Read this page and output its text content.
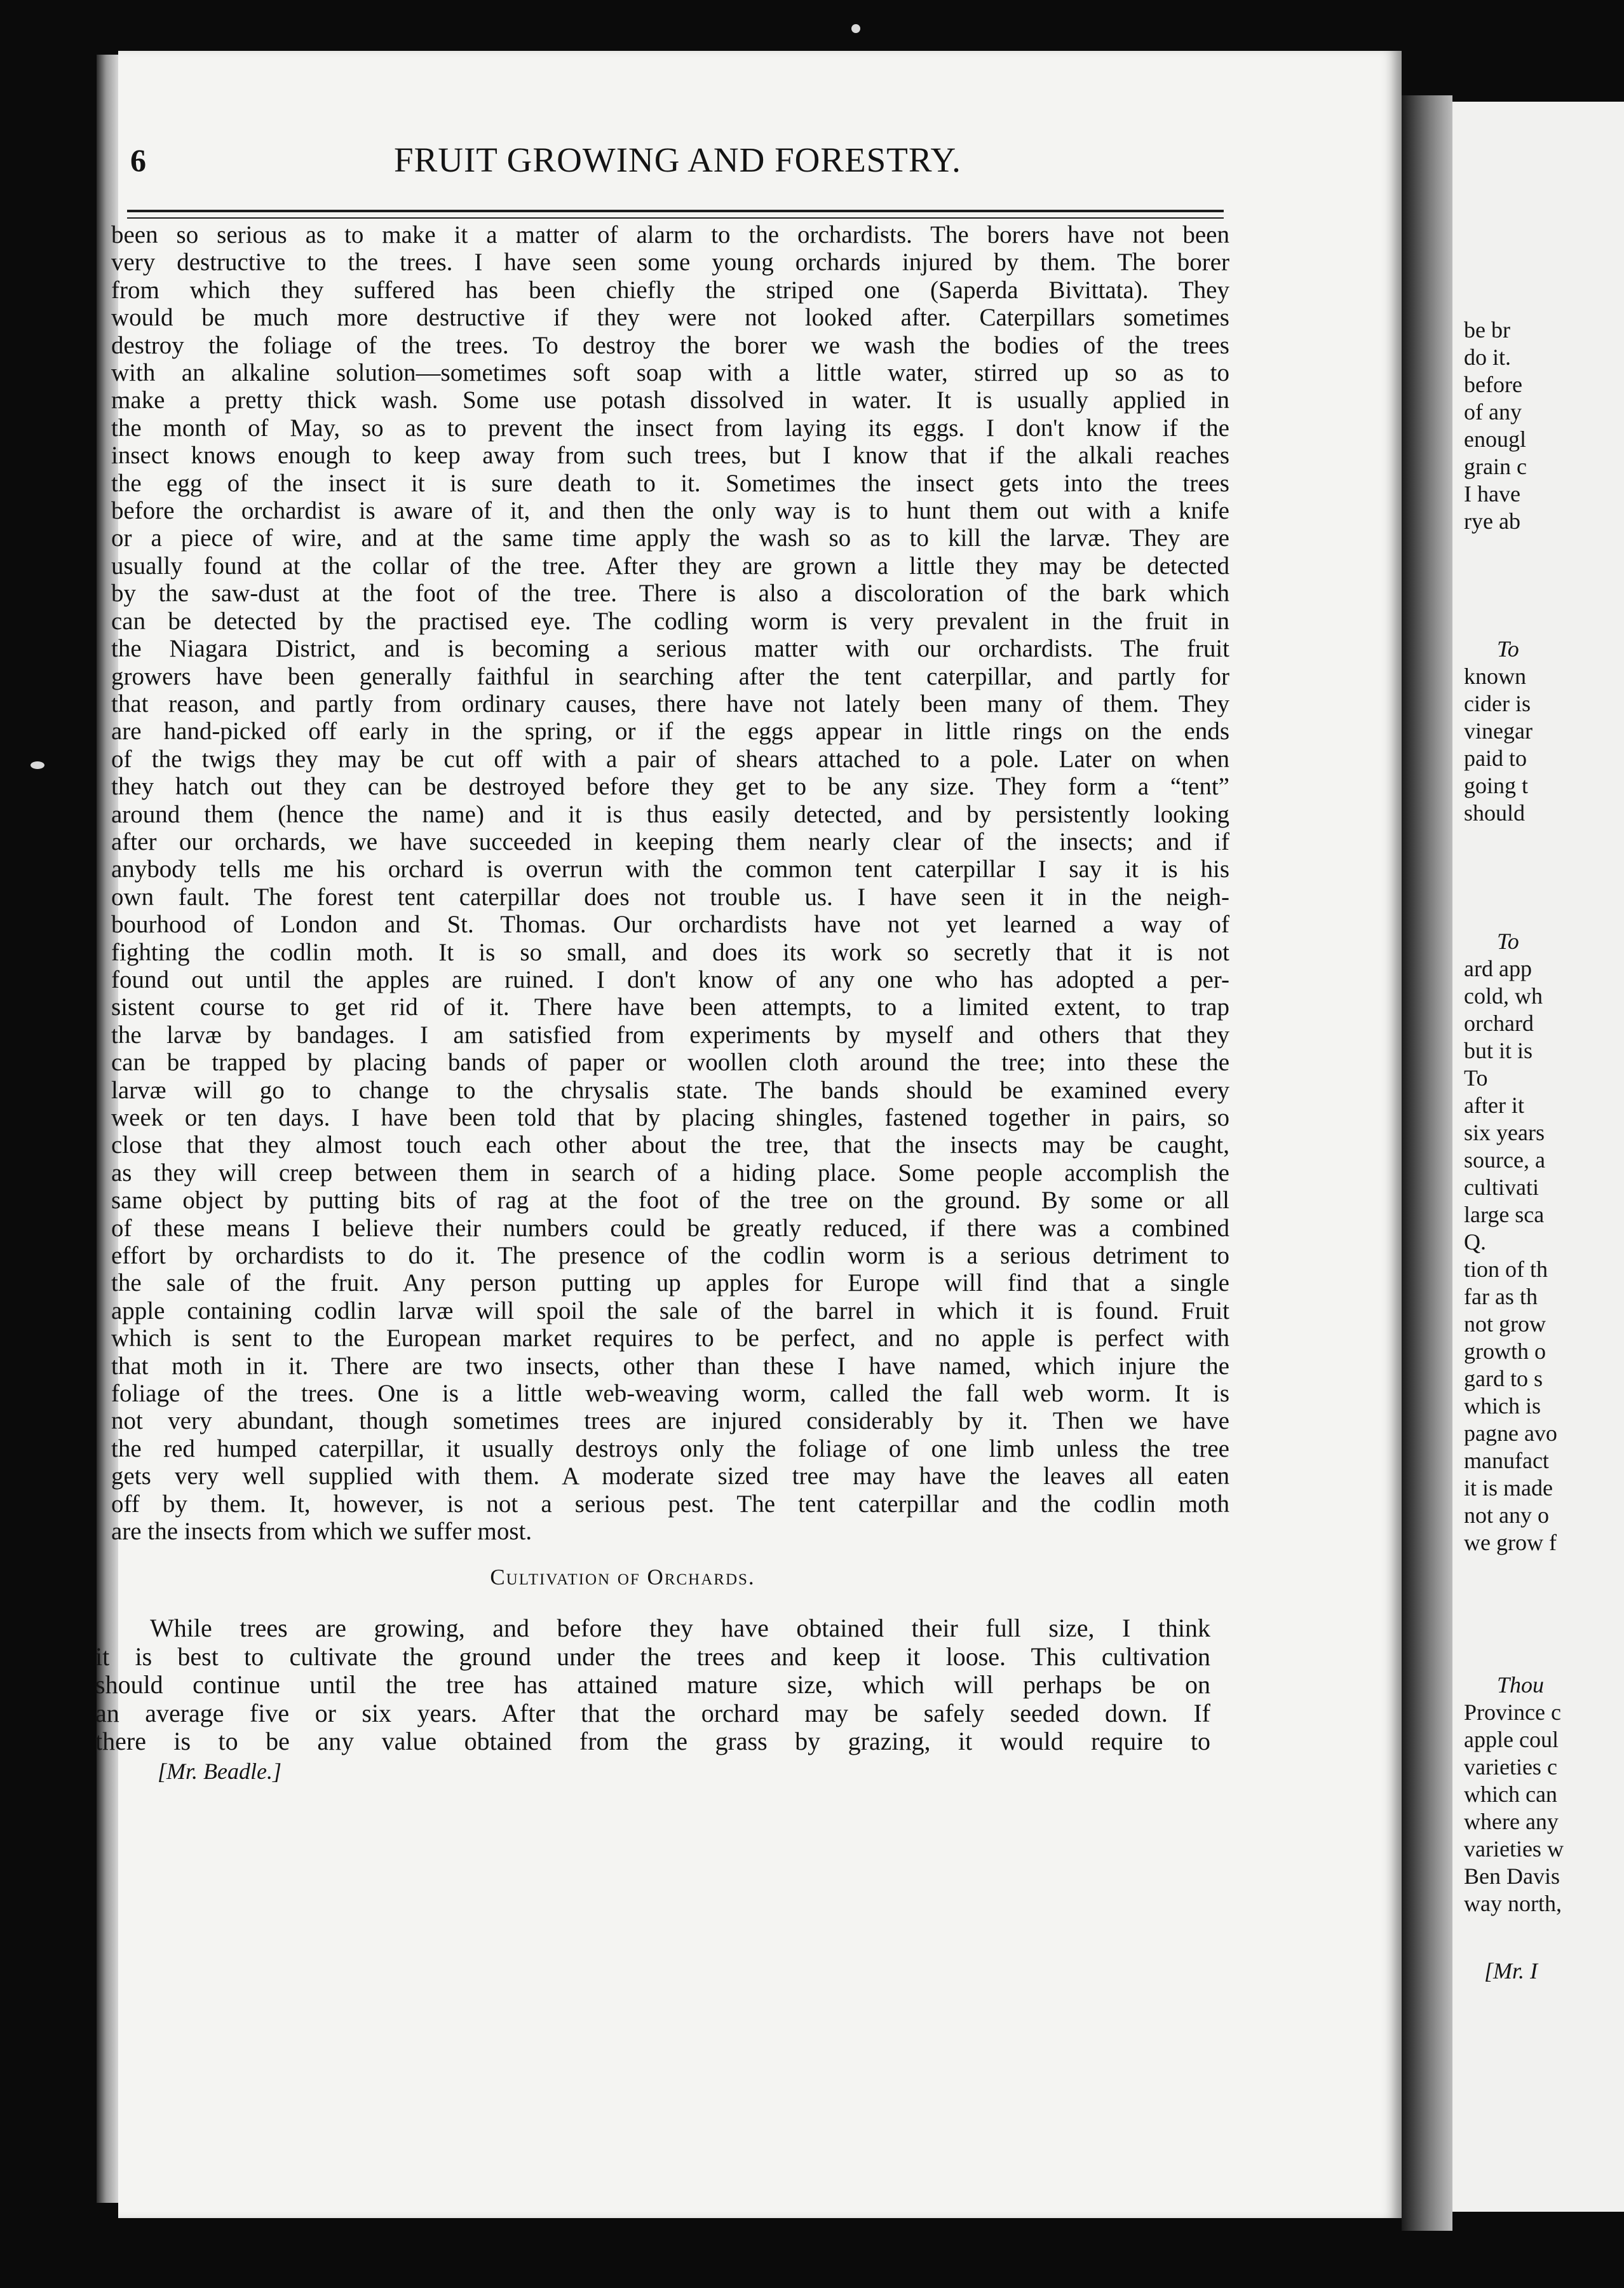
6	FRUIT GROWING AND FORESTRY.

been so serious as to make it a matter of alarm to the orchardists. The borers have not been

very destructive to the trees. I have seen some young orchards injured by them. The borer

from which they suffered has been chiefly the striped one (Saperda Bivittata). They

would be much more destructive if they were not looked after. Caterpillars sometimes

destroy the foliage of the trees. To destroy the borer we wash the bodies of the trees

with an alkaline solution—sometimes soft soap with a little water, stirred up so as to

make a pretty thick wash. Some use potash dissolved in water. It is usually applied in

the month of May, so as to prevent the insect from laying its eggs. I don't know if the

insect knows enough to keep away from such trees, but I know that if the alkali reaches

the egg of the insect it is sure death to it. Sometimes the insect gets into the trees

before the orchardist is aware of it, and then the only way is to hunt them out with a knife

or a piece of wire, and at the same time apply the wash so as to kill the larvæ. They are

usually found at the collar of the tree. After they are grown a little they may be detected

by the saw-dust at the foot of the tree. There is also a discoloration of the bark which

can be detected by the practised eye. The codling worm is very prevalent in the fruit in

the Niagara District, and is becoming a serious matter with our orchardists. The fruit

growers have been generally faithful in searching after the tent caterpillar, and partly for

that reason, and partly from ordinary causes, there have not lately been many of them. They

are hand-picked off early in the spring, or if the eggs appear in little rings on the ends

of the twigs they may be cut off with a pair of shears attached to a pole. Later on when

they hatch out they can be destroyed before they get to be any size. They form a “tent”

around them (hence the name) and it is thus easily detected, and by persistently looking

after our orchards, we have succeeded in keeping them nearly clear of the insects; and if

anybody tells me his orchard is overrun with the common tent caterpillar I say it is his

own fault. The forest tent caterpillar does not trouble us. I have seen it in the neigh-

bourhood of London and St. Thomas. Our orchardists have not yet learned a way of

fighting the codlin moth. It is so small, and does its work so secretly that it is not

found out until the apples are ruined. I don't know of any one who has adopted a per-

sistent course to get rid of it. There have been attempts, to a limited extent, to trap

the larvæ by bandages. I am satisfied from experiments by myself and others that they

can be trapped by placing bands of paper or woollen cloth around the tree; into these the

larvæ will go to change to the chrysalis state. The bands should be examined every

week or ten days. I have been told that by placing shingles, fastened together in pairs, so

close that they almost touch each other about the tree, that the insects may be caught,

as they will creep between them in search of a hiding place. Some people accomplish the

same object by putting bits of rag at the foot of the tree on the ground. By some or all

of these means I believe their numbers could be greatly reduced, if there was a combined

effort by orchardists to do it. The presence of the codlin worm is a serious detriment to

the sale of the fruit. Any person putting up apples for Europe will find that a single

apple containing codlin larvæ will spoil the sale of the barrel in which it is found. Fruit

which is sent to the European market requires to be perfect, and no apple is perfect with

that moth in it. There are two insects, other than these I have named, which injure the

foliage of the trees. One is a little web-weaving worm, called the fall web worm. It is

not very abundant, though sometimes trees are injured considerably by it. Then we have

the red humped caterpillar, it usually destroys only the foliage of one limb unless the tree

gets very well supplied with them. A moderate sized tree may have the leaves all eaten

off by them. It, however, is not a serious pest. The tent caterpillar and the codlin moth

are the insects from which we suffer most.

Cultivation of Orchards.
While trees are growing, and before they have obtained their full size, I think
it is best to cultivate the ground under the trees and keep it loose. This cultivation
should continue until the tree has attained mature size, which will perhaps be on
an average five or six years. After that the orchard may be safely seeded down. If
there is to be any value obtained from the grass by grazing, it would require to
[Mr. Beadle.]
be br
do it.
before
of any
enougl
grain c
I have
rye ab
To
known
cider is
vinegar
paid to
going t
should
To
ard app
cold, wh
orchard
but it is
To
after it
six years
source, a
cultivati
large sca
Q.
tion of th
far as th
not grow
growth o
gard to s
which is
pagne avo
manufact
it is made
not any o
we grow f
Thou
Province c
apple coul
varieties c
which can
where any
varieties w
Ben Davis
way north,
[Mr. I
